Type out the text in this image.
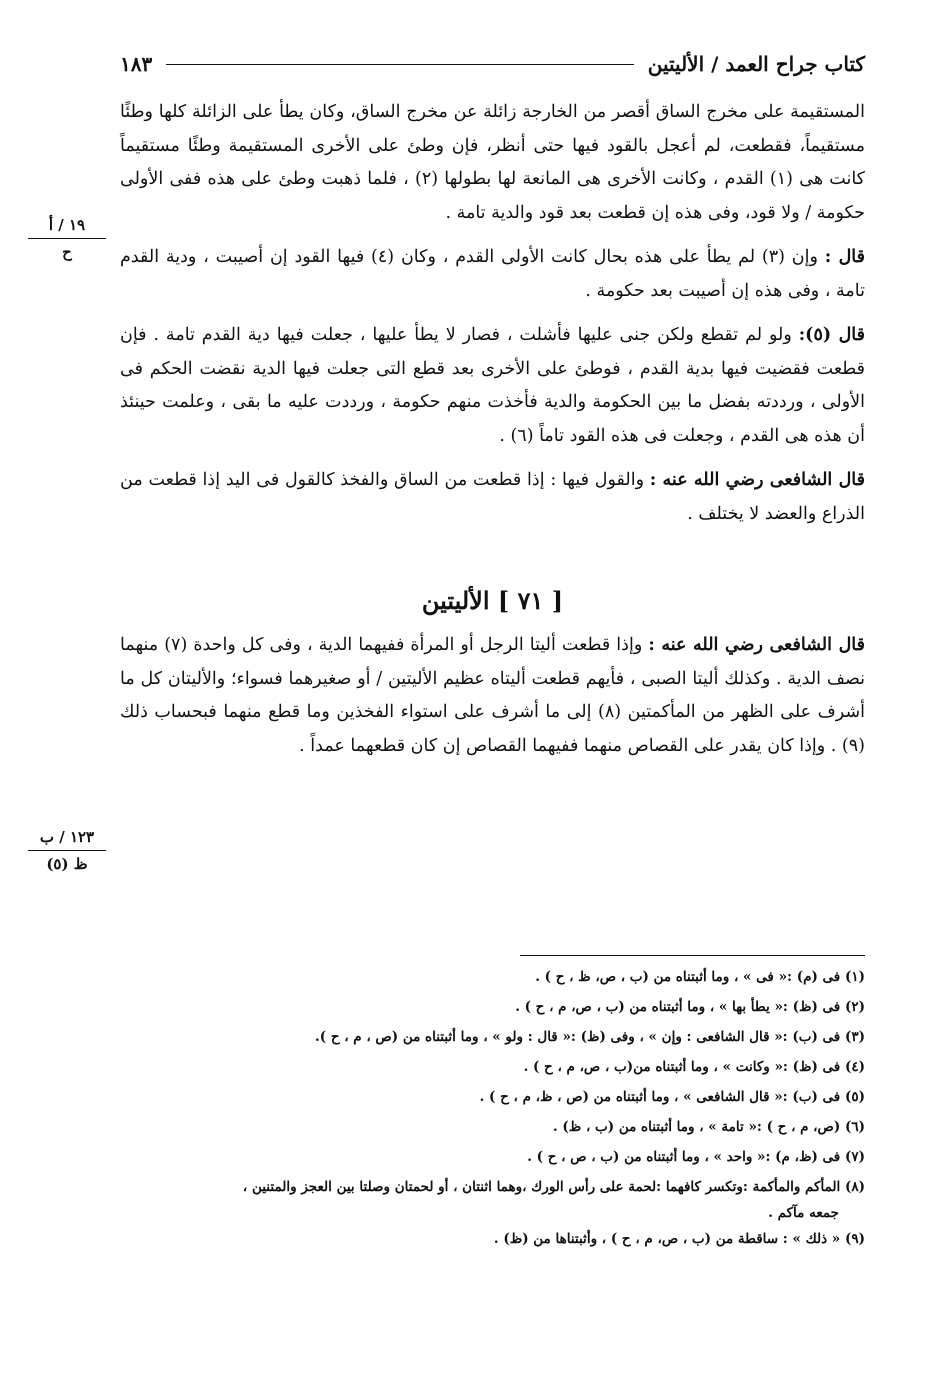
كتاب جراح العمد / الأليتين
١٨٣
١٩ / أ
ح
١٢٣ / ب
ظ (٥)

المستقيمة على مخرج الساق أقصر من الخارجة زائلة عن مخرج الساق، وكان يطأ على الزائلة كلها وطئًا مستقيماً، فقطعت، لم أعجل بالقود فيها حتى أنظر، فإن وطئ على الأخرى المستقيمة وطئًا مستقيماً كانت هى (١) القدم ، وكانت الأخرى هى المانعة لها بطولها (٢) ، فلما ذهبت وطئ على هذه ففى الأولى حكومة / ولا قود، وفى هذه إن قطعت بعد قود والدية تامة .

قال : وإن (٣) لم يطأ على هذه بحال كانت الأولى القدم ، وكان (٤) فيها القود إن أصيبت ، ودية القدم تامة ، وفى هذه إن أصيبت بعد حكومة .

قال (٥): ولو لم تقطع ولكن جنى عليها فأشلت ، فصار لا يطأ عليها ، جعلت فيها دية القدم تامة . فإن قطعت فقضيت فيها بدية القدم ، فوطئ على الأخرى بعد قطع التى جعلت فيها الدية نقضت الحكم فى الأولى ، ورددته بفضل ما بين الحكومة والدية فأخذت منهم حكومة ، ورددت عليه ما بقى ، وعلمت حينئذ أن هذه هى القدم ، وجعلت فى هذه القود تاماً (٦) .

قال الشافعى رضي الله عنه : والقول فيها : إذا قطعت من الساق والفخذ كالقول فى اليد إذا قطعت من الذراع والعضد لا يختلف .

[ ٧١ ] الأليتين

قال الشافعى رضي الله عنه : وإذا قطعت أليتا الرجل أو المرأة ففيهما الدية ، وفى كل واحدة (٧) منهما نصف الدية . وكذلك أليتا الصبى ، فأيهم قطعت أليتاه عظيم الأليتين / أو صغيرهما فسواء؛ والأليتان كل ما أشرف على الظهر من المأكمتين (٨) إلى ما أشرف على استواء الفخذين وما قطع منهما فبحساب ذلك (٩) . وإذا كان يقدر على القصاص منهما ففيهما القصاص إن كان قطعهما عمداً .

(١) فى (م) :« فى » ، وما أثبتناه من (ب ، ص، ظ ، ح ) .

(٢) فى (ظ) :« يطأ بها » ، وما أثبتناه من (ب ، ص، م ، ح ) .

(٣) فى (ب) :« قال الشافعى : وإن » ، وفى (ظ) :« قال : ولو » ، وما أثبتناه من (ص ، م ، ح ).

(٤) فى (ظ) :« وكانت » ، وما أثبتناه من(ب ، ص، م ، ح ) .

(٥) فى (ب) :« قال الشافعى » ، وما أثبتناه من (ص ، ظ، م ، ح ) .

(٦) (ص، م ، ح ) :« تامة » ، وما أثبتناه من (ب ، ظ) .

(٧) فى (ظ، م) :« واحد » ، وما أثبتناه من (ب ، ص ، ح ) .

(٨) المأكم والمأكمة :وتكسر كافهما :لحمة على رأس الورك ،وهما اثنتان ، أو لحمتان وصلتا بين العجز والمتنين ،

جمعه مآكم .

(٩) « ذلك » : ساقطة من (ب ، ص، م ، ح ) ، وأثبتناها من (ظ) .
